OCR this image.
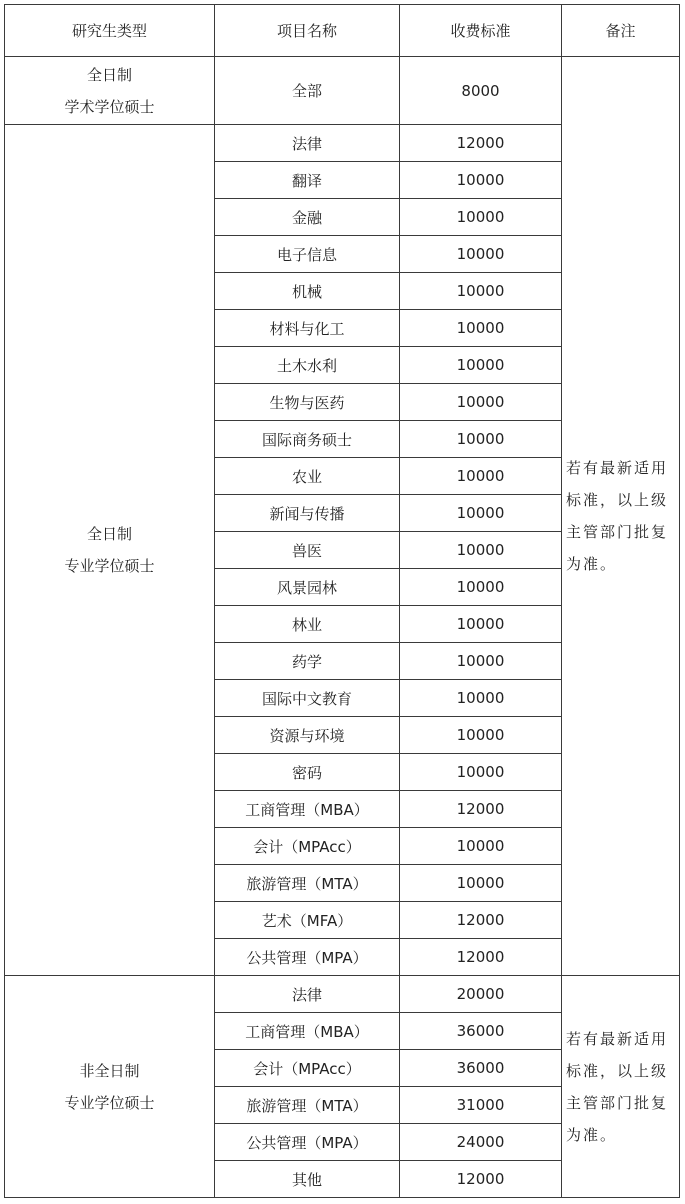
研究生类型	项目名称	收费标准	备注

全日制
学术学位硕士	全部	8000	若有最新适用
标准，以上级
主管部门批复
为准。

全日制
专业学位硕士	法律	12000	
	翻译	10000	
	金融	10000	
	电子信息	10000	
	机械	10000	
	材料与化工	10000	
	土木水利	10000	
	生物与医药	10000	
	国际商务硕士	10000	
	农业	10000	
	新闻与传播	10000	
	兽医	10000	
	风景园林	10000	
	林业	10000	
	药学	10000	
	国际中文教育	10000	
	资源与环境	10000	
	密码	10000	
	工商管理（MBA）	12000	
	会计（MPAcc）	10000	
	旅游管理（MTA）	10000	
	艺术（MFA）	12000	
	公共管理（MPA）	12000	

非全日制
专业学位硕士	法律	20000	若有最新适用
标准，以上级
主管部门批复
为准。

	工商管理（MBA）	36000	
	会计（MPAcc）	36000	
	旅游管理（MTA）	31000	
	公共管理（MPA）	24000	
	其他	12000	
